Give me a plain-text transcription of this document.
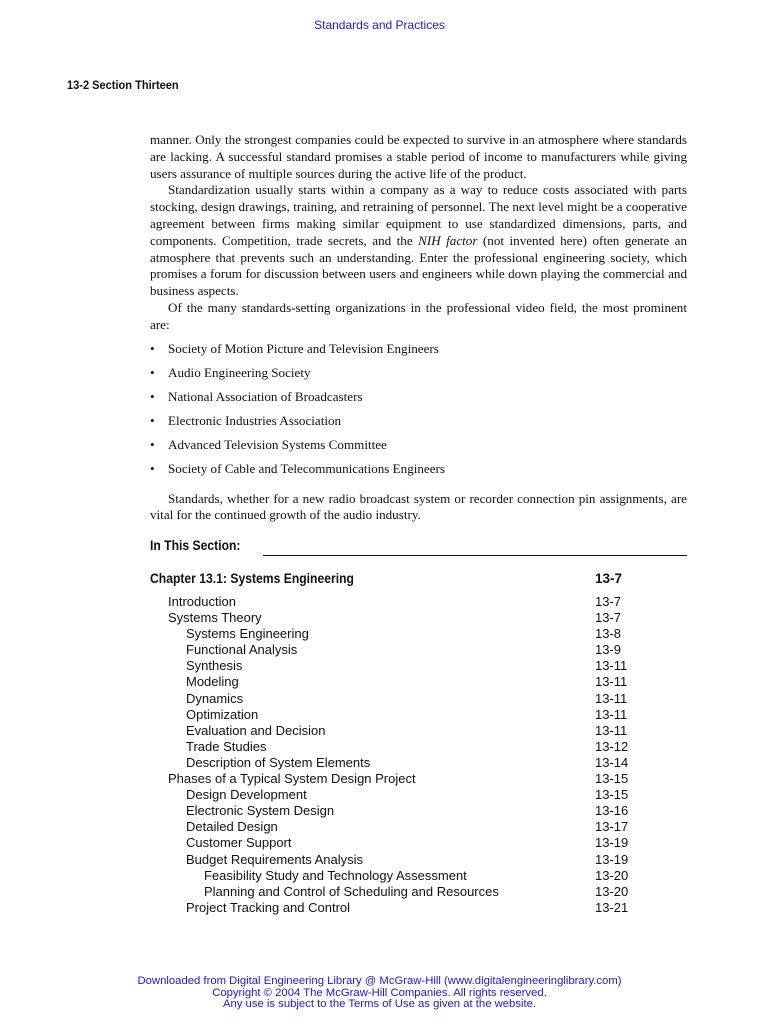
Standards and Practices
13-2 Section Thirteen

manner. Only the strongest companies could be expected to survive in an atmosphere where standards are lacking. A successful standard promises a stable period of income to manufacturers while giving users assurance of multiple sources during the active life of the product.

Standardization usually starts within a company as a way to reduce costs associated with parts stocking, design drawings, training, and retraining of personnel. The next level might be a cooperative agreement between firms making similar equipment to use standardized dimensions, parts, and components. Competition, trade secrets, and the NIH factor (not invented here) often generate an atmosphere that prevents such an understanding. Enter the professional engineering society, which promises a forum for discussion between users and engineers while down playing the commercial and business aspects.

Of the many standards-setting organizations in the professional video field, the most prominent are:

• Society of Motion Picture and Television Engineers
• Audio Engineering Society
• National Association of Broadcasters
• Electronic Industries Association
• Advanced Television Systems Committee
• Society of Cable and Telecommunications Engineers

Standards, whether for a new radio broadcast system or recorder connection pin assignments, are vital for the continued growth of the audio industry.

In This Section:
Chapter 13.1: Systems Engineering	13-7
Introduction	13-7
Systems Theory	13-7
Systems Engineering	13-8
Functional Analysis	13-9
Synthesis	13-11
Modeling	13-11
Dynamics	13-11
Optimization	13-11
Evaluation and Decision	13-11
Trade Studies	13-12
Description of System Elements	13-14
Phases of a Typical System Design Project	13-15
Design Development	13-15
Electronic System Design	13-16
Detailed Design	13-17
Customer Support	13-19
Budget Requirements Analysis	13-19
Feasibility Study and Technology Assessment	13-20
Planning and Control of Scheduling and Resources	13-20
Project Tracking and Control	13-21
Downloaded from Digital Engineering Library @ McGraw-Hill (www.digitalengineeringlibrary.com)
Copyright © 2004 The McGraw-Hill Companies. All rights reserved.
Any use is subject to the Terms of Use as given at the website.
